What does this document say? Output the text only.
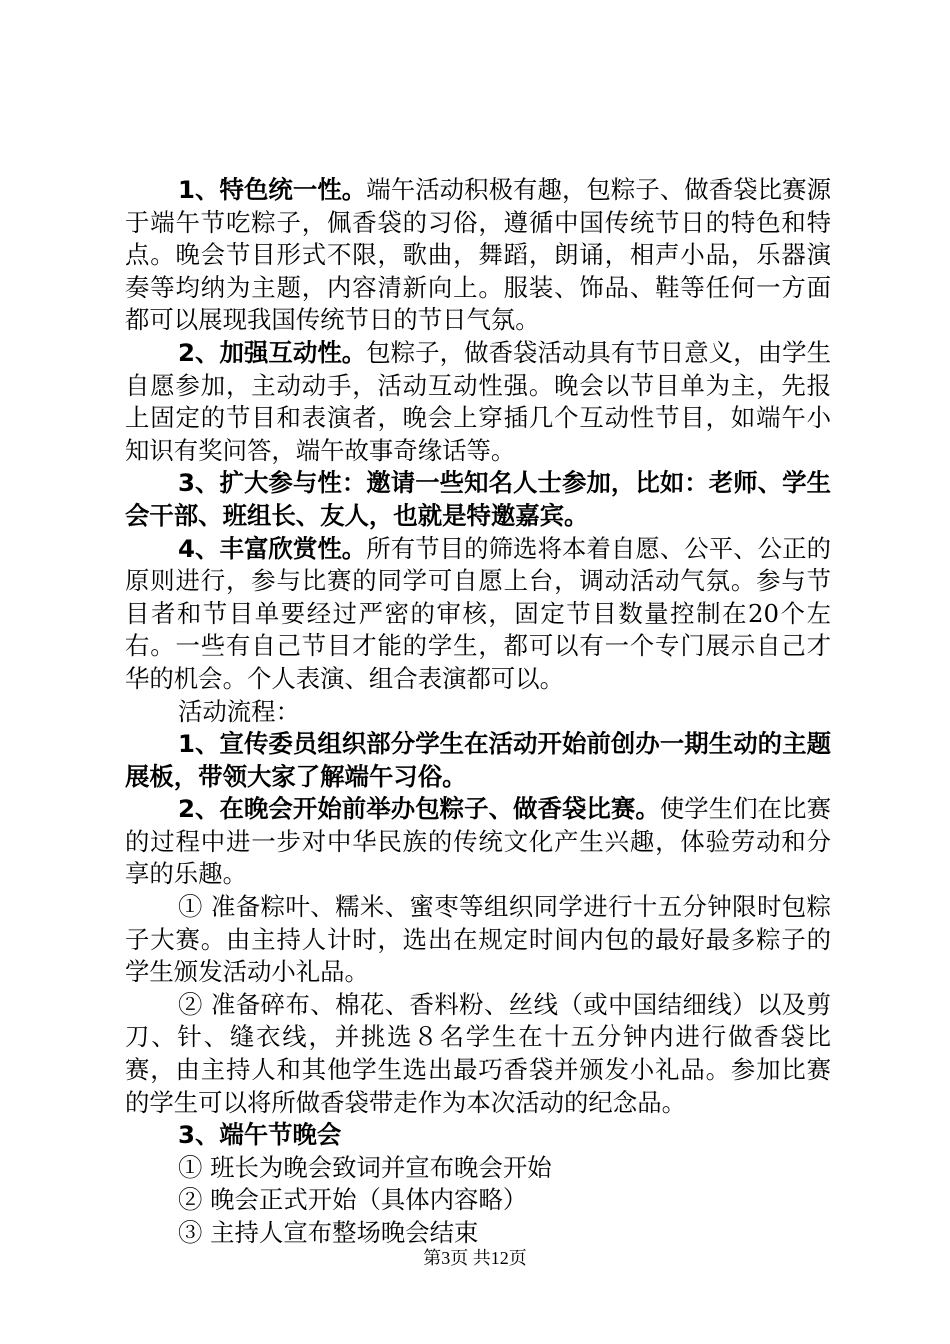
1、特色统一性。端午活动积极有趣，包粽子、做香袋比赛源于端午节吃粽子，佩香袋的习俗，遵循中国传统节日的特色和特点。晚会节目形式不限，歌曲，舞蹈，朗诵，相声小品，乐器演奏等均纳为主题，内容清新向上。服装、饰品、鞋等任何一方面都可以展现我国传统节日的节日气氛。

2、加强互动性。包粽子，做香袋活动具有节日意义，由学生自愿参加，主动动手，活动互动性强。晚会以节目单为主，先报上固定的节目和表演者，晚会上穿插几个互动性节目，如端午小知识有奖问答，端午故事奇缘话等。

3、扩大参与性：邀请一些知名人士参加，比如：老师、学生会干部、班组长、友人，也就是特邀嘉宾。

4、丰富欣赏性。所有节目的筛选将本着自愿、公平、公正的原则进行，参与比赛的同学可自愿上台，调动活动气氛。参与节目者和节目单要经过严密的审核，固定节目数量控制在20个左右。一些有自己节目才能的学生，都可以有一个专门展示自己才华的机会。个人表演、组合表演都可以。

活动流程：

1、宣传委员组织部分学生在活动开始前创办一期生动的主题展板，带领大家了解端午习俗。

2、在晚会开始前举办包粽子、做香袋比赛。使学生们在比赛的过程中进一步对中华民族的传统文化产生兴趣，体验劳动和分享的乐趣。

① 准备粽叶、糯米、蜜枣等组织同学进行十五分钟限时包粽子大赛。由主持人计时，选出在规定时间内包的最好最多粽子的学生颁发活动小礼品。

② 准备碎布、棉花、香料粉、丝线（或中国结细线）以及剪刀、针、缝衣线，并挑选８名学生在十五分钟内进行做香袋比赛，由主持人和其他学生选出最巧香袋并颁发小礼品。参加比赛的学生可以将所做香袋带走作为本次活动的纪念品。

3、端午节晚会

① 班长为晚会致词并宣布晚会开始

② 晚会正式开始（具体内容略）

③ 主持人宣布整场晚会结束

第3页 共12页
